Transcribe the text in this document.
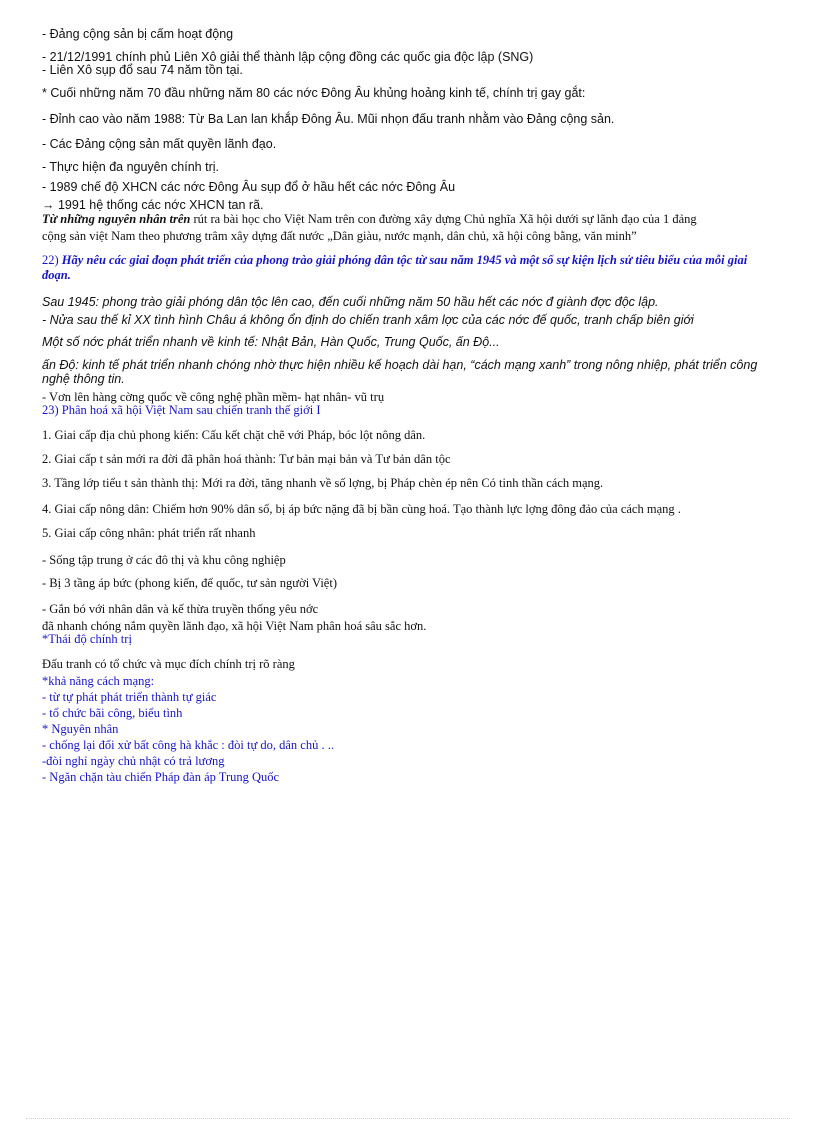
- Đảng cộng sản bị cấm hoạt động
- 21/12/1991 chính phủ Liên Xô giải thể thành lập cộng đồng các quốc gia độc lập (SNG)
- Liên Xô sụp đổ sau 74 năm tồn tại.
* Cuối những năm 70 đầu những năm 80 các nớc Đông Âu khủng hoảng kinh tế, chính trị gay gắt:
- Đỉnh cao vào năm 1988: Từ Ba Lan lan khắp Đông Âu. Mũi nhọn đấu tranh nhằm vào Đảng cộng sản.
- Các Đảng cộng sản mất quyền lãnh đạo.
- Thực hiện đa nguyên chính trị.
- 1989 chế độ XHCN các nớc Đông Âu sụp đổ ở hầu hết các nớc Đông Âu
→ 1991 hệ thống các nớc XHCN tan rã.
Từ những nguyên nhân trên rút ra bài học cho Việt Nam trên con đường xây dựng Chủ nghĩa Xã hội dưới sự lãnh đạo của 1 đảng
cộng sản việt Nam theo phương trâm xây dựng đất nước „Dân giàu, nước mạnh, dân chủ, xã hội công bằng, văn minh”
22) Hãy nêu các giai đoạn phát triển của phong trào giải phóng dân tộc từ sau năm 1945 và một số sự kiện lịch sử tiêu biểu của mỗi giai đoạn.
Sau 1945: phong trào giải phóng dân tộc lên cao, đến cuối những năm 50 hầu hết các nớc đ giành đợc độc lập.
- Nửa sau thế kỉ XX tình hình Châu á không ổn định do chiến tranh xâm lợc của các nớc đế quốc, tranh chấp biên giới
Một số nớc phát triển nhanh về kinh tế: Nhật Bản, Hàn Quốc, Trung Quốc, ấn Độ...
ấn Độ: kinh tế phát triển nhanh chóng nhờ thực hiện nhiều kế hoạch dài hạn, “cách mạng xanh” trong nông nhiệp, phát triển công nghệ thông tin.
- Vơn lên hàng cờng quốc về công nghệ phần mềm- hạt nhân- vũ trụ
23) Phân hoá xã hội Việt Nam sau chiến tranh thế giới I
1. Giai cấp địa chủ phong kiến: Cấu kết chặt chẽ với Pháp, bóc lột nông dân.
2. Giai cấp t sản mới ra đời đã phân hoá thành: Tư bản mại bản và Tư bản dân tộc
3. Tầng lớp tiểu t sản thành thị: Mới ra đời, tăng nhanh về số lợng, bị Pháp chèn ép nên Có tinh thần cách mạng.
4. Giai cấp nông dân: Chiếm hơn 90% dân số, bị áp bức nặng đã bị bần cùng hoá. Tạo thành lực lợng đông đảo của cách mạng .
5. Giai cấp công nhân: phát triển rất nhanh
- Sống tập trung ở các đô thị và khu công nghiệp
- Bị 3 tầng áp bức (phong kiến, đế quốc, tư sản người Việt)
- Gắn bó với nhân dân và kế thừa truyền thống yêu nớc
đã nhanh chóng nắm quyền lãnh đạo, xã hội Việt Nam phân hoá sâu sắc hơn.
*Thái độ chính trị
Đấu tranh có tổ chức và mục đích chính trị rõ ràng
*khả năng cách mạng:
- từ tự phát phát triển thành tự giác
- tổ chức bãi công, biểu tình
* Nguyên nhân
- chống lại đối xử bất công hà khắc : đòi tự do, dân chủ . ..
-đòi nghỉ ngày chủ nhật có trả lương
- Ngăn chặn tàu chiến Pháp đàn áp Trung Quốc
